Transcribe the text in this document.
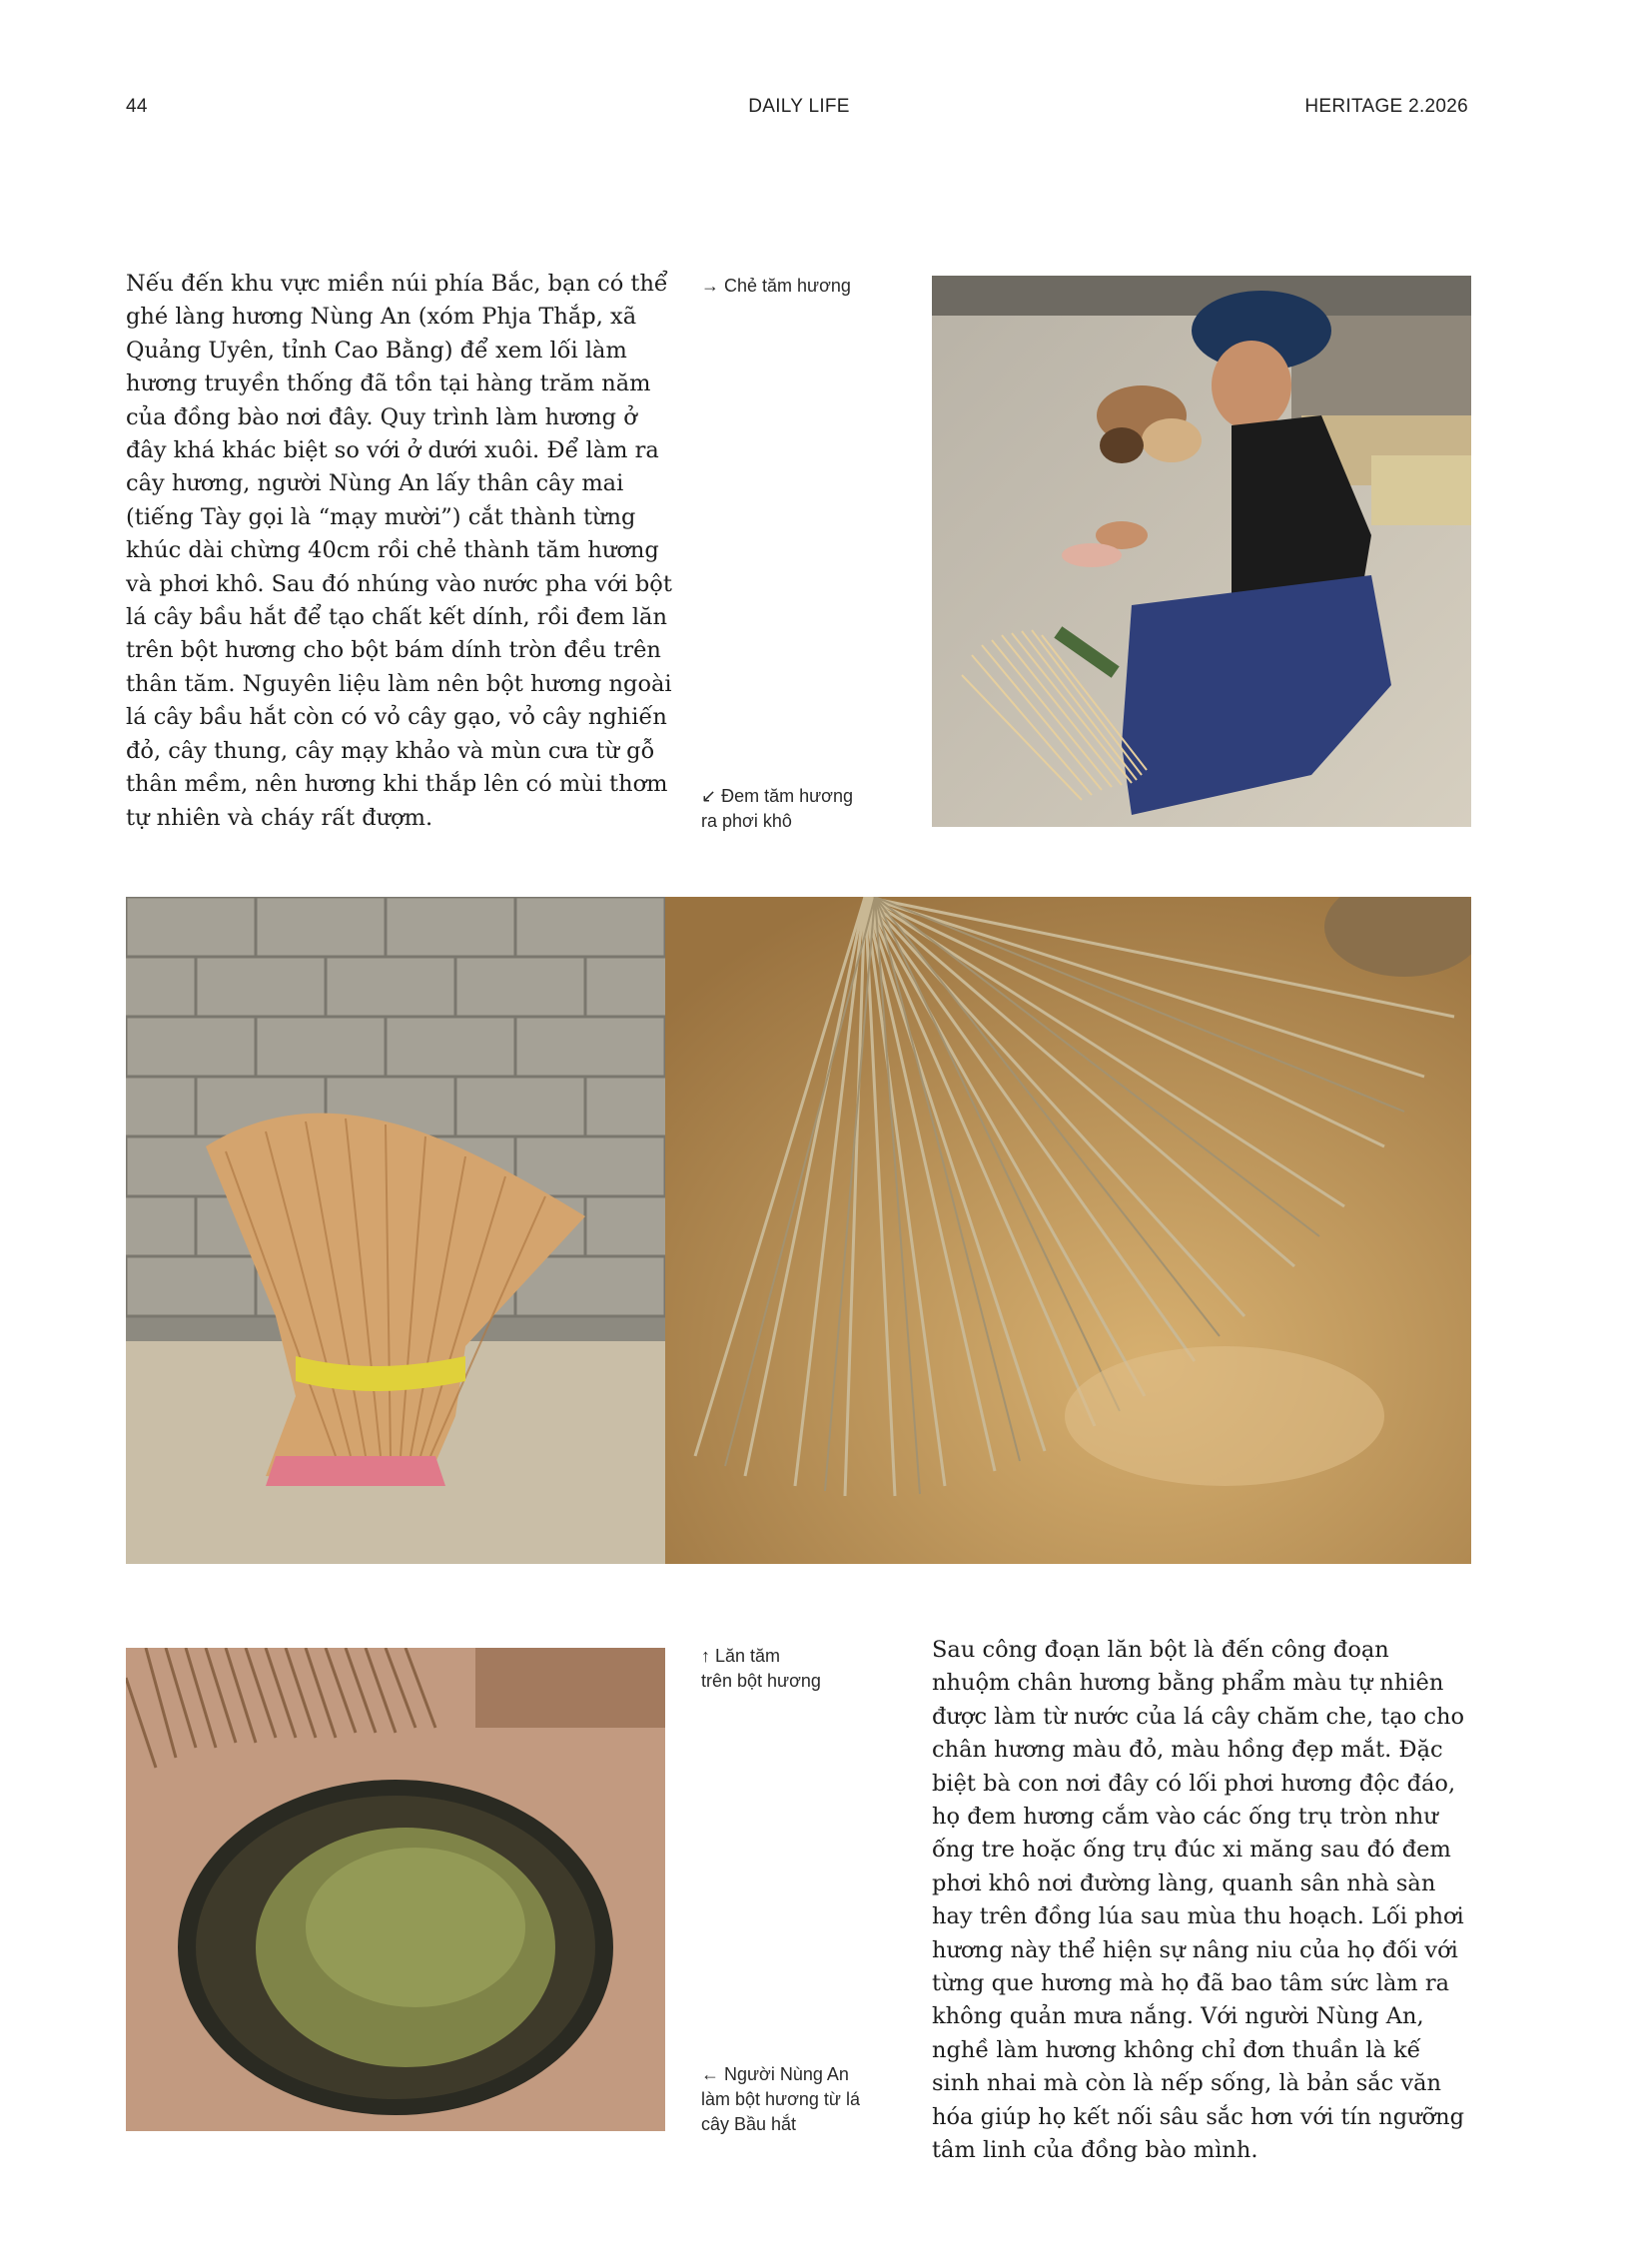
44	DAILY LIFE	HERITAGE 2.2026

Nếu đến khu vực miền núi phía Bắc, bạn có thể ghé làng hương Nùng An (xóm Phja Thắp, xã Quảng Uyên, tỉnh Cao Bằng) để xem lối làm hương truyền thống đã tồn tại hàng trăm năm của đồng bào nơi đây. Quy trình làm hương ở đây khá khác biệt so với ở dưới xuôi. Để làm ra cây hương, người Nùng An lấy thân cây mai (tiếng Tày gọi là “mạy mười”) cắt thành từng khúc dài chừng 40cm rồi chẻ thành tăm hương và phơi khô. Sau đó nhúng vào nước pha với bột lá cây bầu hắt để tạo chất kết dính, rồi đem lăn trên bột hương cho bột bám dính tròn đều trên thân tăm. Nguyên liệu làm nên bột hương ngoài lá cây bầu hắt còn có vỏ cây gạo, vỏ cây nghiến đỏ, cây thung, cây mạy khảo và mùn cưa từ gỗ thân mềm, nên hương khi thắp lên có mùi thơm tự nhiên và cháy rất đượm.

→ Chẻ tăm hương
↙ Đem tăm hương
ra phơi khô
↑ Lăn tăm
trên bột hương
← Người Nùng An
làm bột hương từ lá
cây Bầu hắt

Sau công đoạn lăn bột là đến công đoạn nhuộm chân hương bằng phẩm màu tự nhiên được làm từ nước của lá cây chăm che, tạo cho chân hương màu đỏ, màu hồng đẹp mắt. Đặc biệt bà con nơi đây có lối phơi hương độc đáo, họ đem hương cắm vào các ống trụ tròn như ống tre hoặc ống trụ đúc xi măng sau đó đem phơi khô nơi đường làng, quanh sân nhà sàn hay trên đồng lúa sau mùa thu hoạch. Lối phơi hương này thể hiện sự nâng niu của họ đối với từng que hương mà họ đã bao tâm sức làm ra không quản mưa nắng. Với người Nùng An, nghề làm hương không chỉ đơn thuần là kế sinh nhai mà còn là nếp sống, là bản sắc văn hóa giúp họ kết nối sâu sắc hơn với tín ngưỡng tâm linh của đồng bào mình.
